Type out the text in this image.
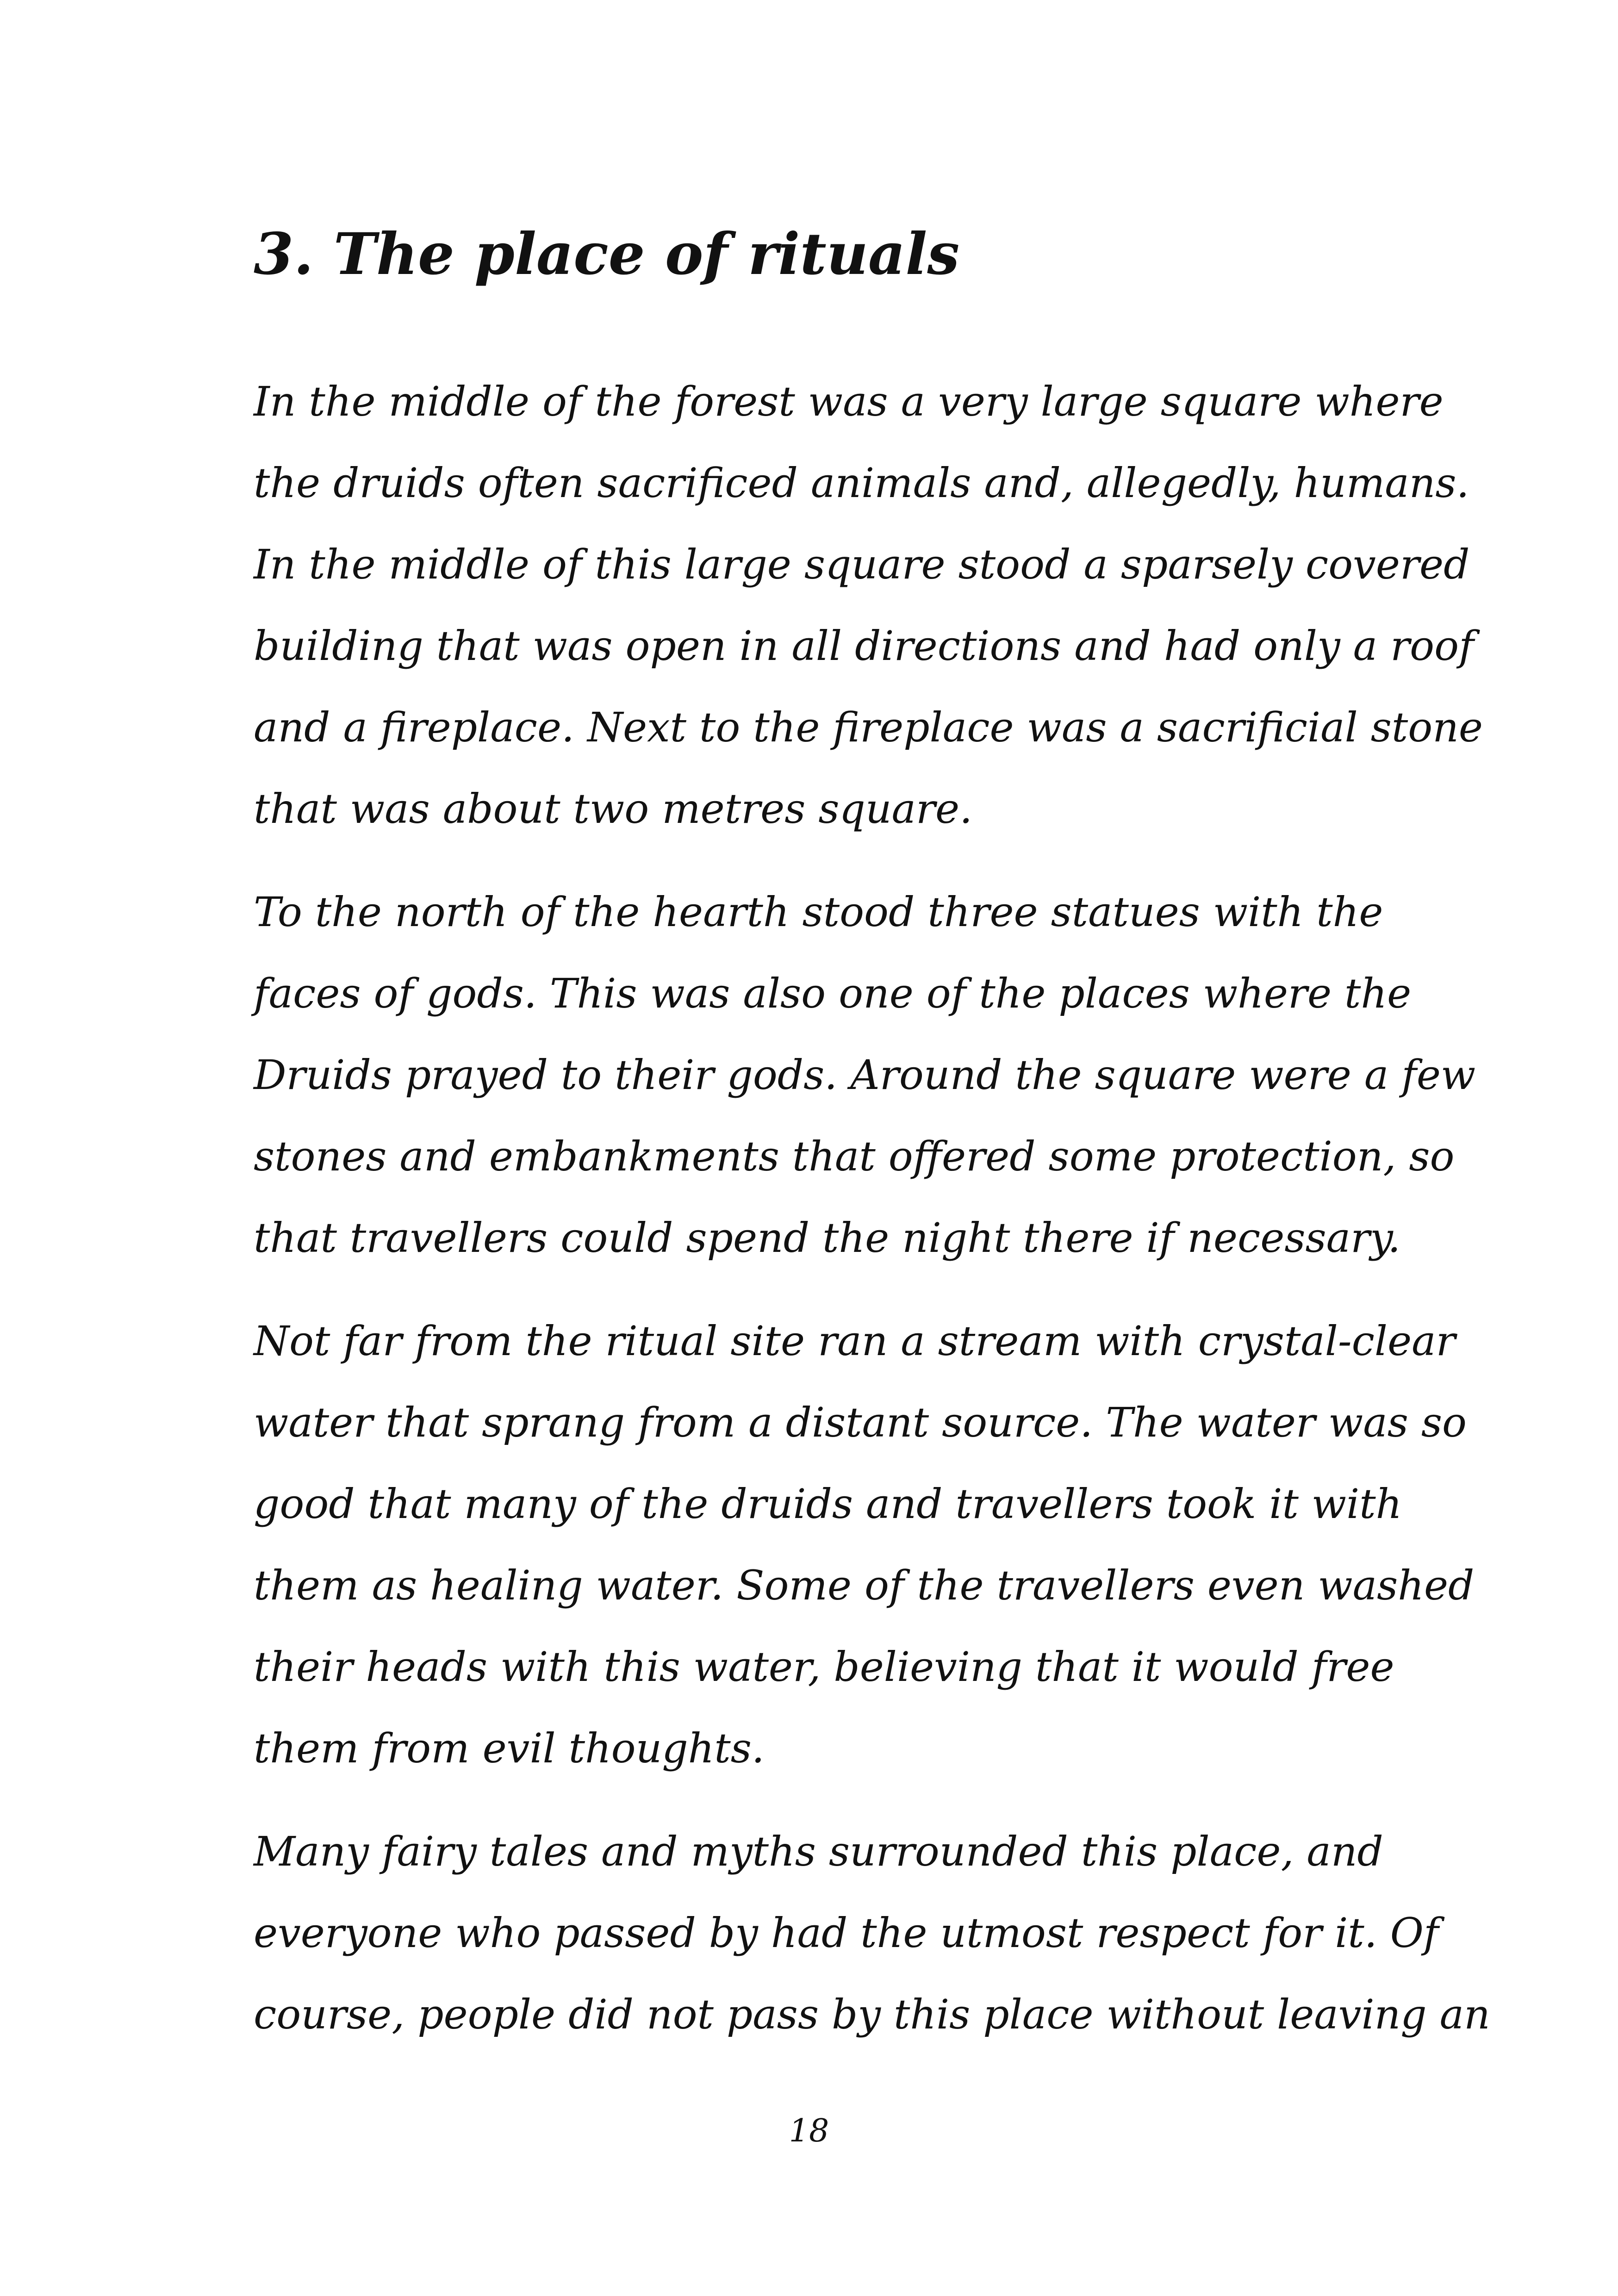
3. The place of rituals

In the middle of the forest was a very large square where
the druids often sacrificed animals and, allegedly, humans.
In the middle of this large square stood a sparsely covered
building that was open in all directions and had only a roof
and a fireplace. Next to the fireplace was a sacrificial stone
that was about two metres square.

To the north of the hearth stood three statues with the
faces of gods. This was also one of the places where the
Druids prayed to their gods. Around the square were a few
stones and embankments that offered some protection, so
that travellers could spend the night there if necessary.

Not far from the ritual site ran a stream with crystal-clear
water that sprang from a distant source. The water was so
good that many of the druids and travellers took it with
them as healing water. Some of the travellers even washed
their heads with this water, believing that it would free
them from evil thoughts.

Many fairy tales and myths surrounded this place, and
everyone who passed by had the utmost respect for it. Of
course, people did not pass by this place without leaving an

18
